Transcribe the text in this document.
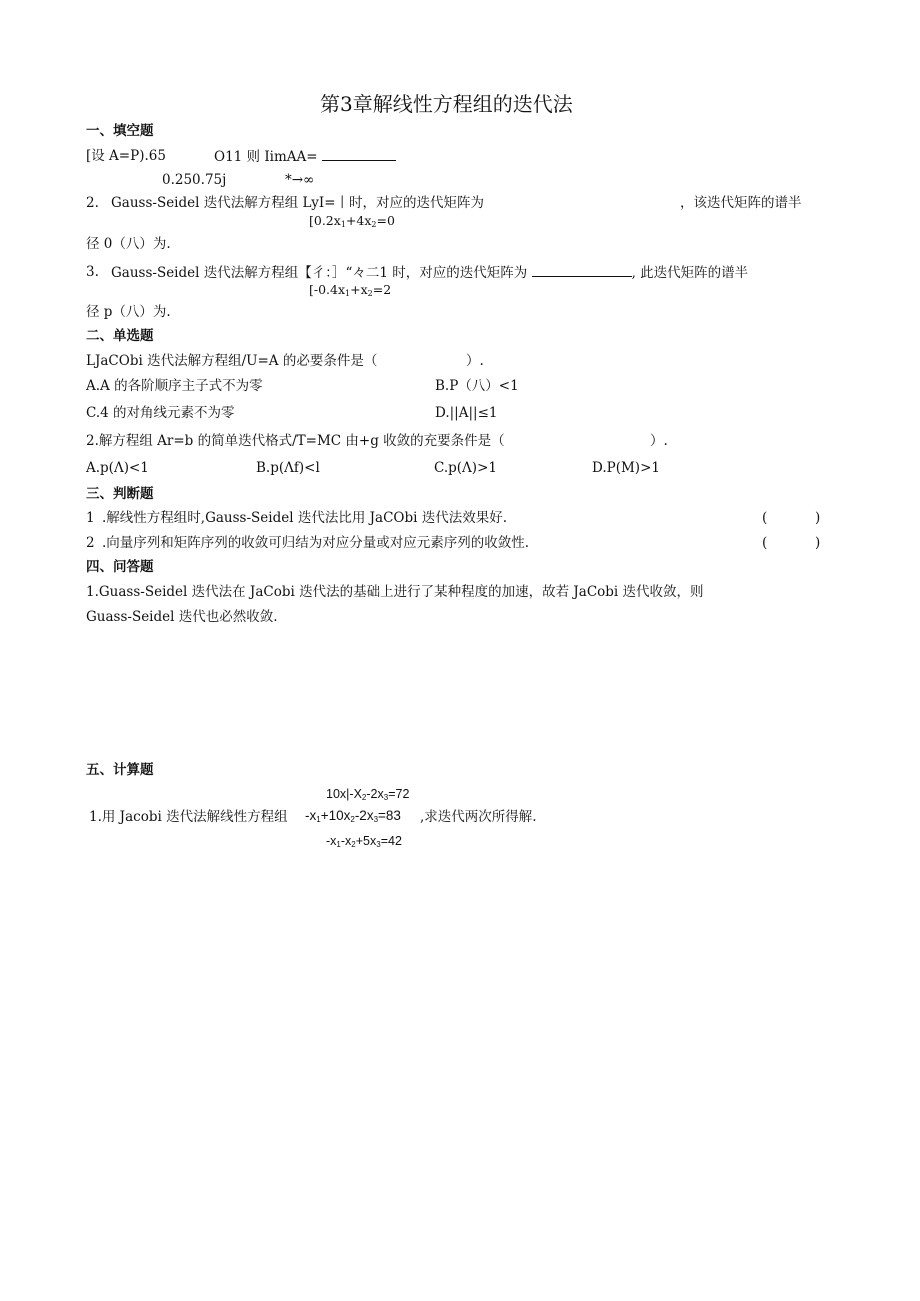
第3章解线性方程组的迭代法
一、填空题
[设 A=P).65	O11 则 IimAA=
0.250.75j	*→∞
2. Gauss-Seidel 迭代法解方程组 LyI=丨时，对应的迭代矩阵为	，该迭代矩阵的谱半
[$0.2x_1+4x_2=0$
径 0（八）为.
3. Gauss-Seidel 迭代法解方程组【彳：］“々二1 时，对应的迭代矩阵为	, 此迭代矩阵的谱半
[$-0.4x_1+x_2=2$
径 p（八）为.
二、单选题
LJaCObi 迭代法解方程组/U=A 的必要条件是（	）.
A.A 的各阶顺序主子式不为零	B.P（八）<1
C.4 的对角线元素不为零	D.||A||≤1
2.解方程组 Ar=b 的简单迭代格式/T=MC 由+g 收敛的充要条件是（	）.
A.p(Λ)<1	B.p(Λf)<l	C.p(Λ)>1	D.P(M)>1
三、判断题
1 .解线性方程组时,Gauss-Seidel 迭代法比用 JaCObi 迭代法效果好.	(	)
2 .向量序列和矩阵序列的收敛可归结为对应分量或对应元素序列的收敛性.	(	)
四、问答题
1.Guass-Seidel 迭代法在 JaCobi 迭代法的基础上进行了某种程度的加速，故若 JaCobi 迭代收敛，则
Guass-Seidel 迭代也必然收敛.
五、计算题
$10x|-X_2-2x_3=72$
1.用 Jacobi 迭代法解线性方程组 $-x_1+10x_2-2x_3=83$ ,求迭代两次所得解.
$-x_1-x_2+5x_3=42$
